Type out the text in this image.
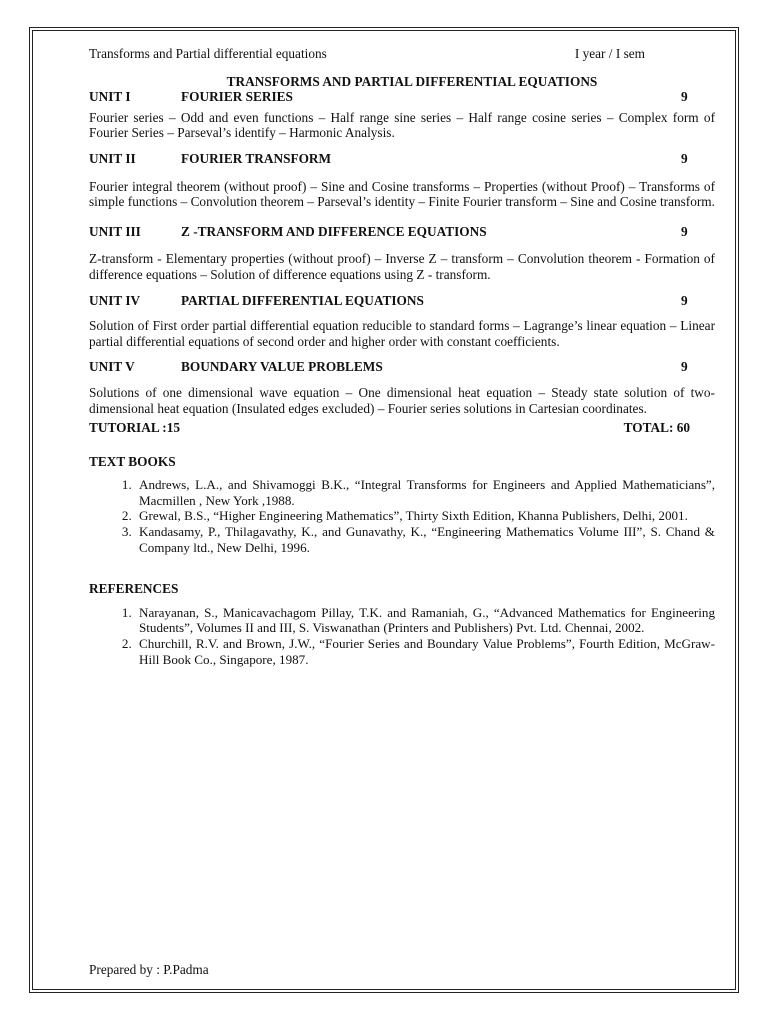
Transforms and Partial differential equations	I year / I sem
TRANSFORMS AND PARTIAL DIFFERENTIAL EQUATIONS
UNIT I	FOURIER SERIES	9
Fourier series – Odd and even functions – Half range sine series – Half range cosine series – Complex form of Fourier Series – Parseval’s identify – Harmonic Analysis.
UNIT II	FOURIER TRANSFORM	9
Fourier integral theorem (without proof) – Sine and Cosine transforms – Properties (without Proof) – Transforms of simple functions – Convolution theorem – Parseval’s identity – Finite Fourier transform – Sine and Cosine transform.
UNIT III	Z -TRANSFORM AND DIFFERENCE EQUATIONS	9
Z-transform - Elementary properties (without proof) – Inverse Z – transform – Convolution theorem - Formation of difference equations – Solution of difference equations using Z - transform.
UNIT IV	PARTIAL DIFFERENTIAL EQUATIONS	9
Solution of First order partial differential equation reducible to standard forms – Lagrange’s linear equation – Linear partial differential equations of second order and higher order with constant coefficients.
UNIT V	BOUNDARY VALUE PROBLEMS	9
Solutions of one dimensional wave equation – One dimensional heat equation – Steady state solution of two-dimensional heat equation (Insulated edges excluded) – Fourier series solutions in Cartesian coordinates.
TUTORIAL :15	TOTAL: 60
TEXT BOOKS
1. Andrews, L.A., and Shivamoggi B.K., “Integral Transforms for Engineers and Applied Mathematicians”, Macmillen , New York ,1988.
2. Grewal, B.S., “Higher Engineering Mathematics”, Thirty Sixth Edition, Khanna Publishers, Delhi, 2001.
3. Kandasamy, P., Thilagavathy, K., and Gunavathy, K., “Engineering Mathematics Volume III”, S. Chand & Company ltd., New Delhi, 1996.
REFERENCES
1. Narayanan, S., Manicavachagom Pillay, T.K. and Ramaniah, G., “Advanced Mathematics for Engineering Students”, Volumes II and III, S. Viswanathan (Printers and Publishers) Pvt. Ltd. Chennai, 2002.
2. Churchill, R.V. and Brown, J.W., “Fourier Series and Boundary Value Problems”, Fourth Edition, McGraw-Hill Book Co., Singapore, 1987.
Prepared by : P.Padma
